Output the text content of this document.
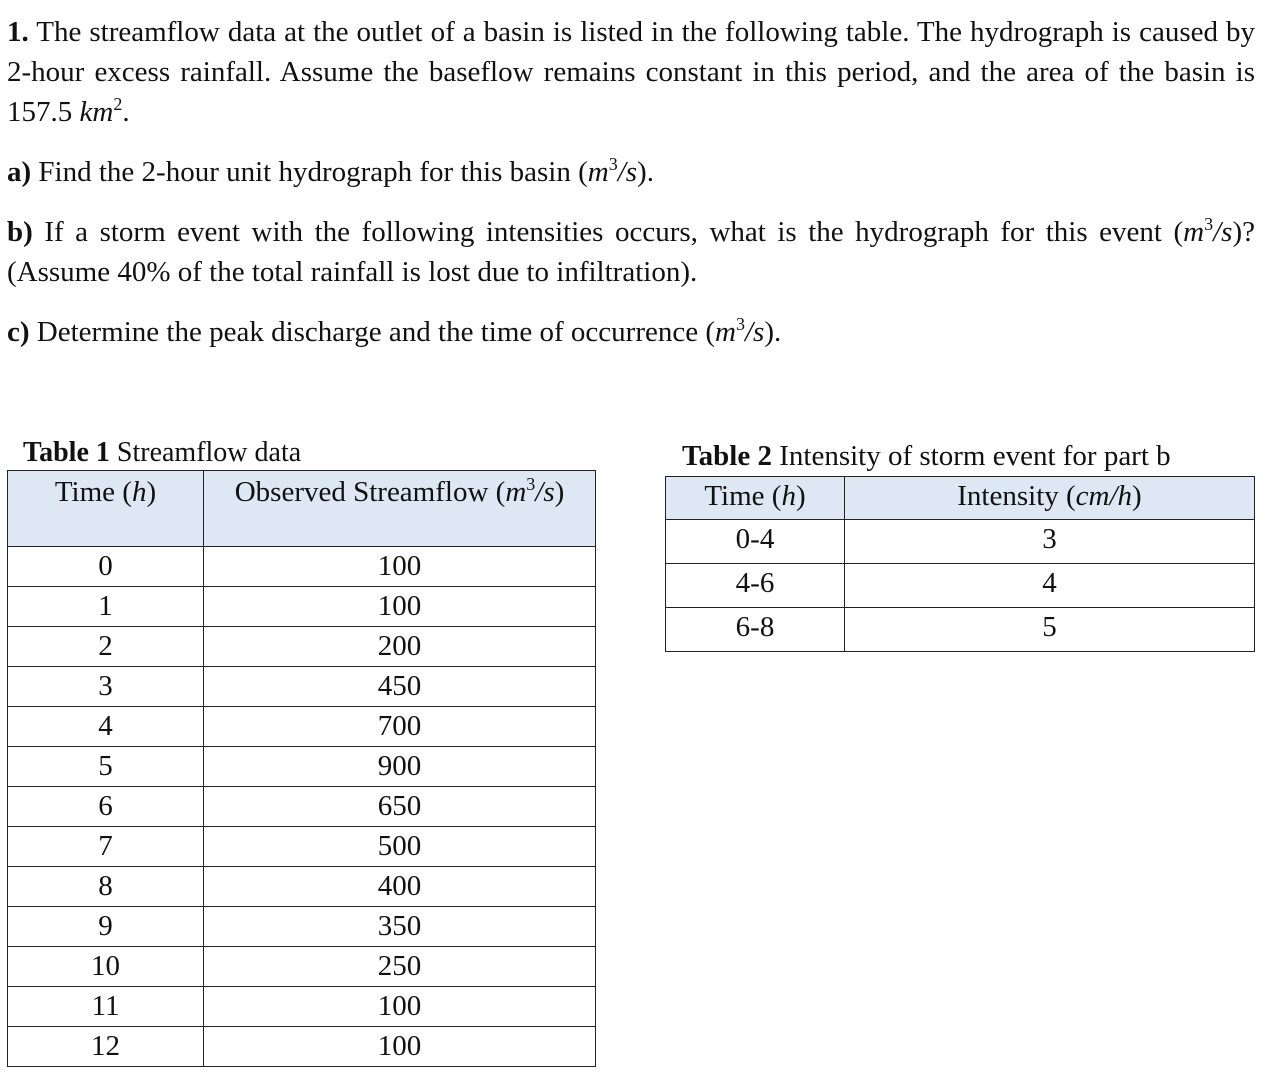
1. The streamflow data at the outlet of a basin is listed in the following table. The hydrograph is caused by 2-hour excess rainfall. Assume the baseflow remains constant in this period, and the area of the basin is 157.5 $km^2$.

a) Find the 2-hour unit hydrograph for this basin $(m^3/s)$.

b) If a storm event with the following intensities occurs, what is the hydrograph for this event $(m^3/s)$? (Assume 40% of the total rainfall is lost due to infiltration).

c) Determine the peak discharge and the time of occurrence $(m^3/s)$.

Table 1 Streamflow data
Time (h)	Observed Streamflow $(m^3/s)$
0	100
1	100
2	200
3	450
4	700
5	900
6	650
7	500
8	400
9	350
10	250
11	100
12	100
Table 2 Intensity of storm event for part b
Time (h)	Intensity (cm/h)
0-4	3
4-6	4
6-8	5
